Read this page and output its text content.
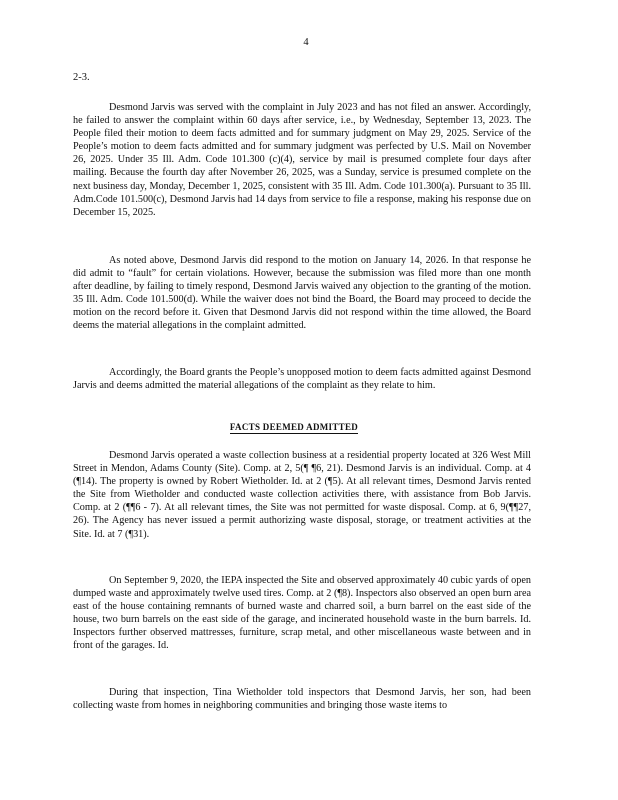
4
2-3.

Desmond Jarvis was served with the complaint in July 2023 and has not filed an answer. Accordingly, he failed to answer the complaint within 60 days after service, i.e., by Wednesday, September 13, 2023. The People filed their motion to deem facts admitted and for summary judgment on May 29, 2025. Service of the People’s motion to deem facts admitted and for summary judgment was perfected by U.S. Mail on November 26, 2025. Under 35 Ill. Adm. Code 101.300 (c)(4), service by mail is presumed complete four days after mailing. Because the fourth day after November 26, 2025, was a Sunday, service is presumed complete on the next business day, Monday, December 1, 2025, consistent with 35 Ill. Adm. Code 101.300(a). Pursuant to 35 Ill. Adm.Code 101.500(c), Desmond Jarvis had 14 days from service to file a response, making his response due on December 15, 2025.

As noted above, Desmond Jarvis did respond to the motion on January 14, 2026. In that response he did admit to “fault” for certain violations. However, because the submission was filed more than one month after deadline, by failing to timely respond, Desmond Jarvis waived any objection to the granting of the motion. 35 Ill. Adm. Code 101.500(d). While the waiver does not bind the Board, the Board may proceed to decide the motion on the record before it. Given that Desmond Jarvis did not respond within the time allowed, the Board deems the material allegations in the complaint admitted.

Accordingly, the Board grants the People’s unopposed motion to deem facts admitted against Desmond Jarvis and deems admitted the material allegations of the complaint as they relate to him.

FACTS DEEMED ADMITTED

Desmond Jarvis operated a waste collection business at a residential property located at 326 West Mill Street in Mendon, Adams County (Site). Comp. at 2, 5(¶ ¶6, 21). Desmond Jarvis is an individual. Comp. at 4 (¶14). The property is owned by Robert Wietholder. Id. at 2 (¶5). At all relevant times, Desmond Jarvis rented the Site from Wietholder and conducted waste collection activities there, with assistance from Bob Jarvis. Comp. at 2 (¶¶6 - 7). At all relevant times, the Site was not permitted for waste disposal. Comp. at 6, 9(¶¶27, 26). The Agency has never issued a permit authorizing waste disposal, storage, or treatment activities at the Site. Id. at 7 (¶31).

On September 9, 2020, the IEPA inspected the Site and observed approximately 40 cubic yards of open dumped waste and approximately twelve used tires. Comp. at 2 (¶8). Inspectors also observed an open burn area east of the house containing remnants of burned waste and charred soil, a burn barrel on the east side of the house, two burn barrels on the east side of the garage, and incinerated household waste in the burn barrels. Id. Inspectors further observed mattresses, furniture, scrap metal, and other miscellaneous waste between and in front of the garages. Id.

During that inspection, Tina Wietholder told inspectors that Desmond Jarvis, her son, had been collecting waste from homes in neighboring communities and bringing those waste items to
